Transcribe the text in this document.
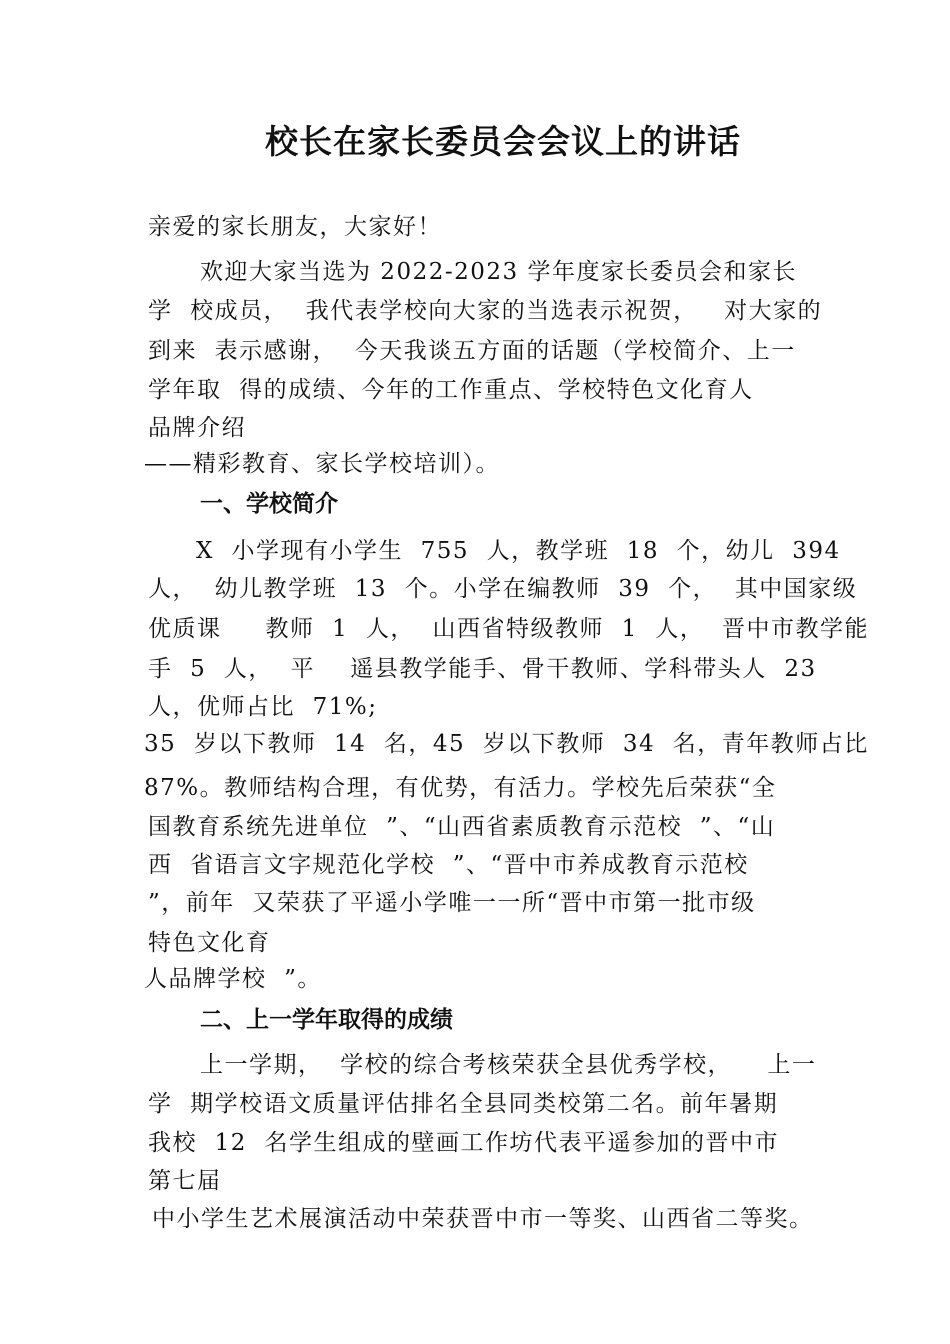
校长在家长委员会会议上的讲话
亲爱的家长朋友，大家好！
欢迎大家当选为 2022-2023 学年度家长委员会和家长
学  校成员，  我代表学校向大家的当选表示祝贺，   对大家的
到来  表示感谢，  今天我谈五方面的话题（学校简介、上一
学年取  得的成绩、今年的工作重点、学校特色文化育人
品牌介绍
——精彩教育、家长学校培训）。
一、学校简介
X  小学现有小学生  755  人，教学班  18  个，幼儿  394
人，  幼儿教学班  13  个。小学在编教师  39  个，  其中国家级
优质课     教师  1  人，  山西省特级教师  1  人，  晋中市教学能
手  5  人，  平    遥县教学能手、骨干教师、学科带头人  23
人，优师占比  71%;
35  岁以下教师  14  名，45  岁以下教师  34  名，青年教师占比
87%。教师结构合理，有优势，有活力。学校先后荣获“全
国教育系统先进单位  ”、“山西省素质教育示范校  ”、“山
西  省语言文字规范化学校  ”、“晋中市养成教育示范校
”，前年  又荣获了平遥小学唯一一所“晋中市第一批市级
特色文化育
人品牌学校  ”。
二、上一学年取得的成绩
上一学期，  学校的综合考核荣获全县优秀学校，    上一
学  期学校语文质量评估排名全县同类校第二名。前年暑期
我校  12  名学生组成的壁画工作坊代表平遥参加的晋中市
第七届
中小学生艺术展演活动中荣获晋中市一等奖、山西省二等奖。
